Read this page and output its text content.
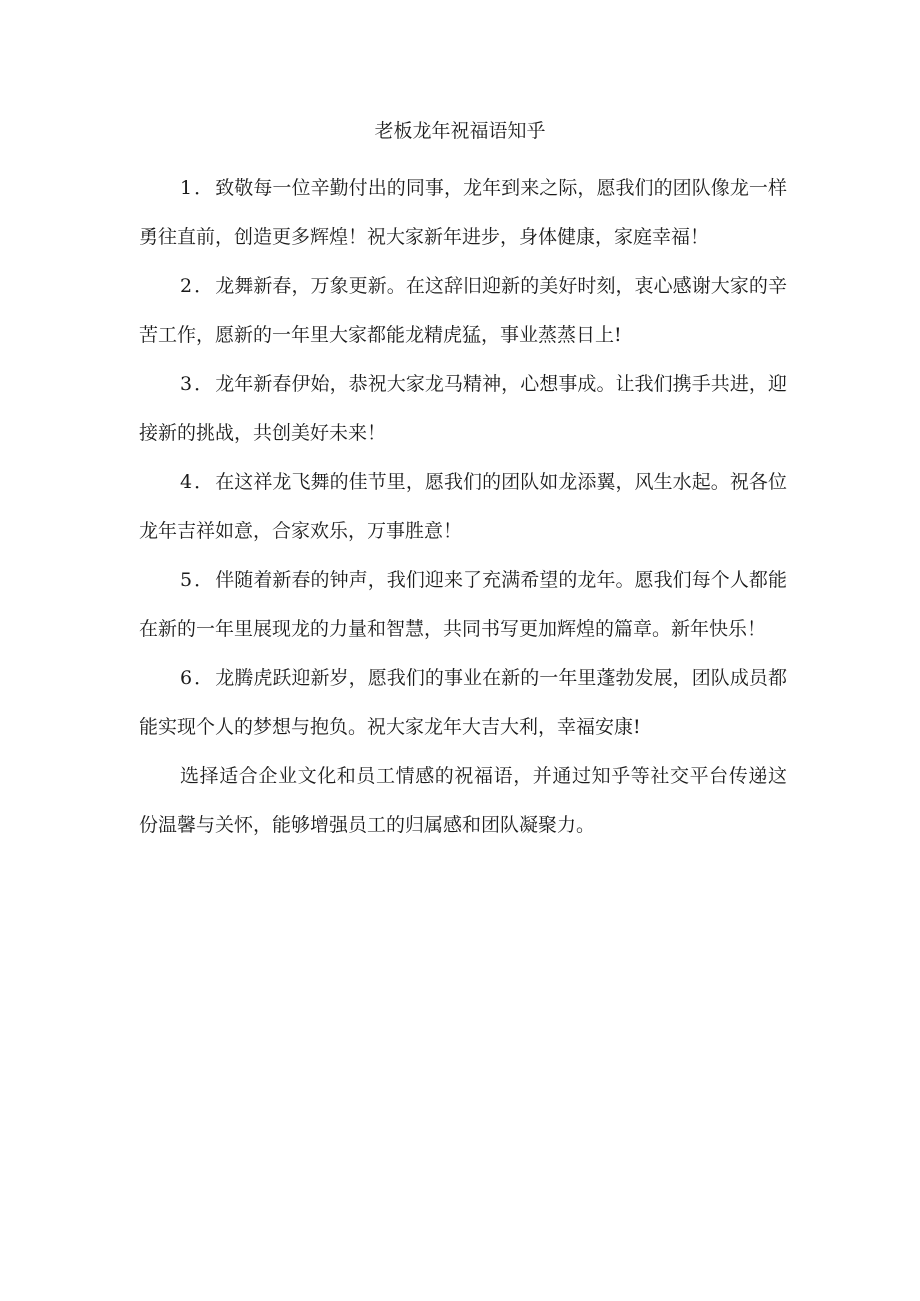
老板龙年祝福语知乎

1．致敬每一位辛勤付出的同事，龙年到来之际，愿我们的团队像龙一样勇往直前，创造更多辉煌！祝大家新年进步，身体健康，家庭幸福！

2．龙舞新春，万象更新。在这辞旧迎新的美好时刻，衷心感谢大家的辛苦工作，愿新的一年里大家都能龙精虎猛，事业蒸蒸日上!

3．龙年新春伊始，恭祝大家龙马精神，心想事成。让我们携手共进，迎接新的挑战，共创美好未来！

4．在这祥龙飞舞的佳节里，愿我们的团队如龙添翼，风生水起。祝各位龙年吉祥如意，合家欢乐，万事胜意！

5．伴随着新春的钟声，我们迎来了充满希望的龙年。愿我们每个人都能在新的一年里展现龙的力量和智慧，共同书写更加辉煌的篇章。新年快乐！

6．龙腾虎跃迎新岁，愿我们的事业在新的一年里蓬勃发展，团队成员都能实现个人的梦想与抱负。祝大家龙年大吉大利，幸福安康!

选择适合企业文化和员工情感的祝福语，并通过知乎等社交平台传递这份温馨与关怀，能够增强员工的归属感和团队凝聚力。
